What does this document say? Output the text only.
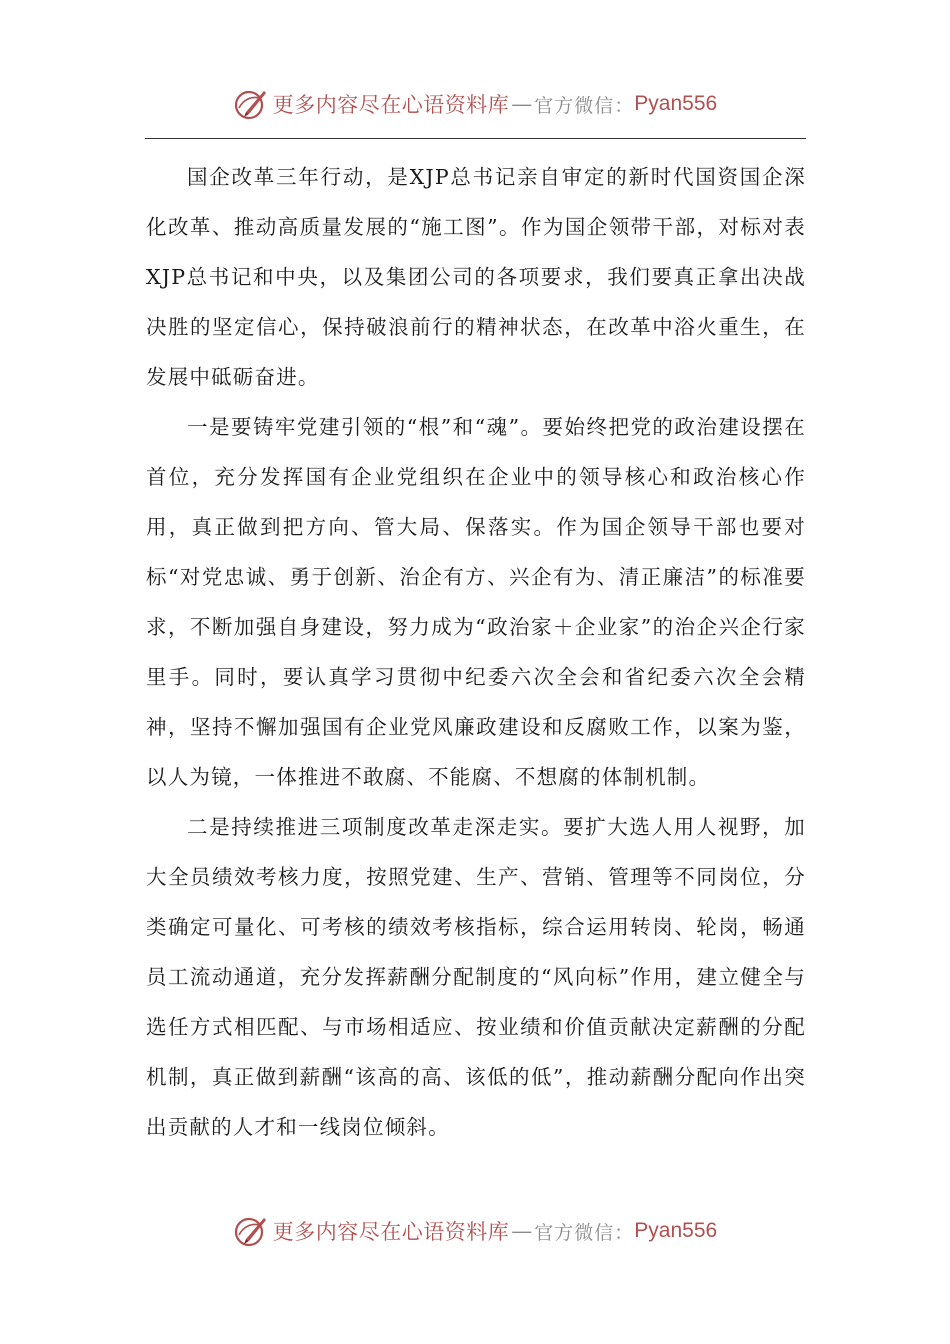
更多内容尽在心语资料库 — 官方微信： Pyan556

国企改革三年行动，是XJP总书记亲自审定的新时代国资国企深化改革、推动高质量发展的“施工图”。作为国企领带干部，对标对表XJP总书记和中央，以及集团公司的各项要求，我们要真正拿出决战决胜的坚定信心，保持破浪前行的精神状态，在改革中浴火重生，在发展中砥砺奋进。

一是要铸牢党建引领的“根”和“魂”。要始终把党的政治建设摆在首位，充分发挥国有企业党组织在企业中的领导核心和政治核心作用，真正做到把方向、管大局、保落实。作为国企领导干部也要对标“对党忠诚、勇于创新、治企有方、兴企有为、清正廉洁”的标准要求，不断加强自身建设，努力成为“政治家＋企业家”的治企兴企行家里手。同时，要认真学习贯彻中纪委六次全会和省纪委六次全会精神，坚持不懈加强国有企业党风廉政建设和反腐败工作，以案为鉴，以人为镜，一体推进不敢腐、不能腐、不想腐的体制机制。

二是持续推进三项制度改革走深走实。要扩大选人用人视野，加大全员绩效考核力度，按照党建、生产、营销、管理等不同岗位，分类确定可量化、可考核的绩效考核指标，综合运用转岗、轮岗，畅通员工流动通道，充分发挥薪酬分配制度的“风向标”作用，建立健全与选任方式相匹配、与市场相适应、按业绩和价值贡献决定薪酬的分配机制，真正做到薪酬“该高的高、该低的低”，推动薪酬分配向作出突出贡献的人才和一线岗位倾斜。

更多内容尽在心语资料库 — 官方微信： Pyan556
